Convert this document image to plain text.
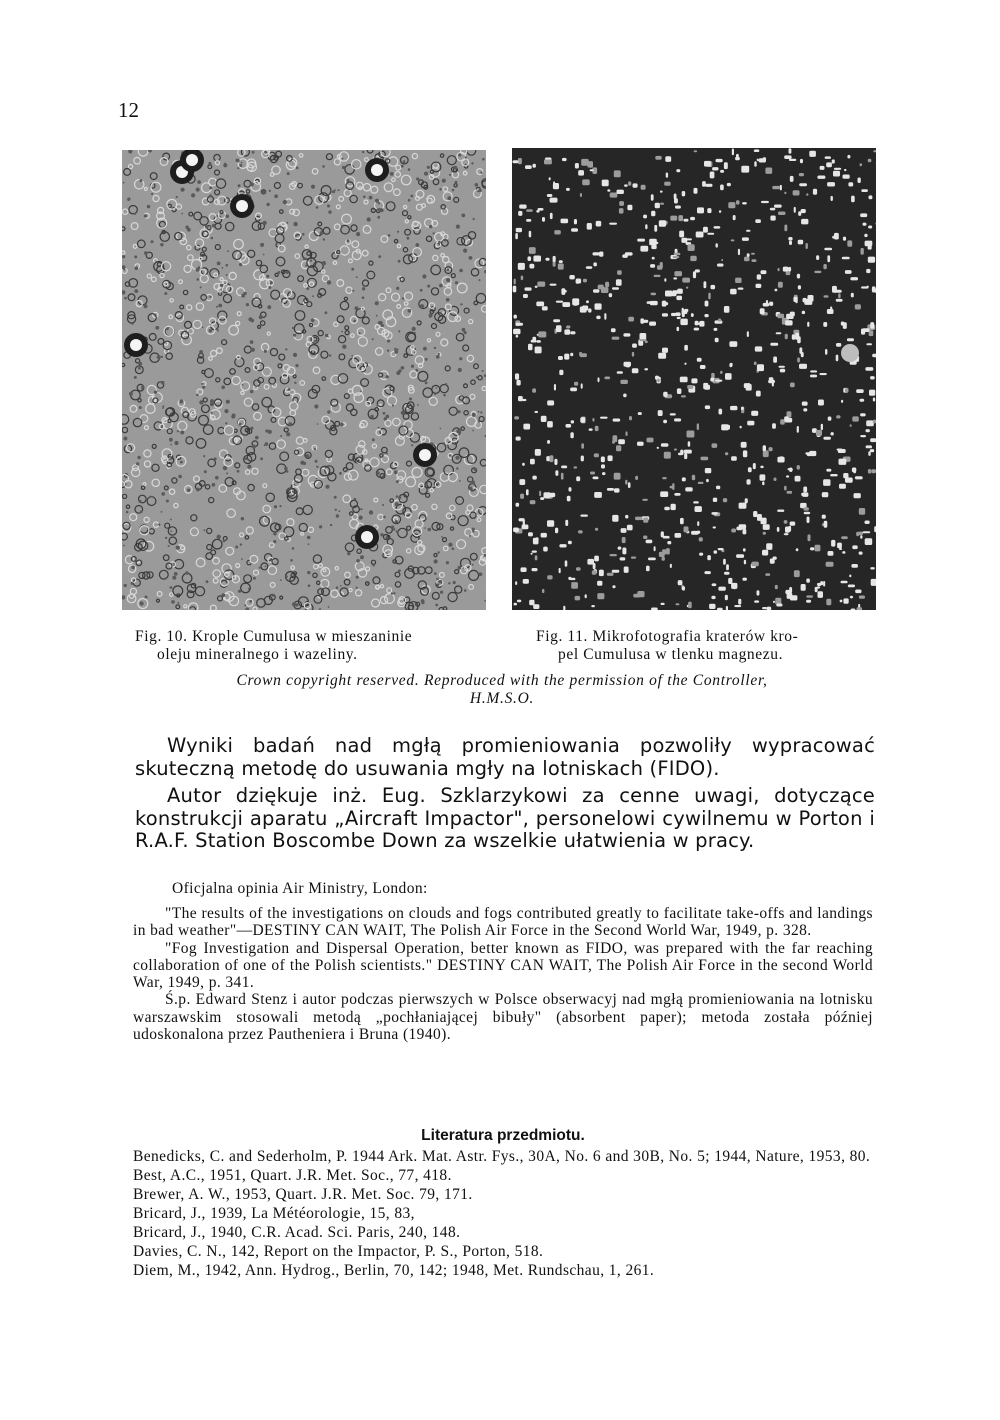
12
Fig. 10. Krople Cumulusa w mieszaninie
oleju mineralnego i wazeliny.
Fig. 11. Mikrofotografia kraterów kro-
pel Cumulusa w tlenku magnezu.
Crown copyright reserved. Reproduced with the permission of the Controller,
H.M.S.O.
Wyniki badań nad mgłą promieniowania pozwoliły wypracować skuteczną metodę do usuwania mgły na lotniskach (FIDO).
Autor dziękuje inż. Eug. Szklarzykowi za cenne uwagi, dotyczące konstrukcji aparatu „Aircraft Impactor", personelowi cywilnemu w Porton i R.A.F. Station Boscombe Down za wszelkie ułatwienia w pracy.
Oficjalna opinia Air Ministry, London:

"The results of the investigations on clouds and fogs contributed greatly to facilitate take-offs and landings in bad weather"—DESTINY CAN WAIT, The Polish Air Force in the Second World War, 1949, p. 328.

"Fog Investigation and Dispersal Operation, better known as FIDO, was prepared with the far reaching collaboration of one of the Polish scientists." DESTINY CAN WAIT, The Polish Air Force in the second World War, 1949, p. 341.

Ś.p. Edward Stenz i autor podczas pierwszych w Polsce obserwacyj nad mgłą promieniowania na lotnisku warszawskim stosowali metodą „pochłaniającej bibuły" (absorbent paper); metoda została później udoskonalona przez Pautheniera i Bruna (1940).

Literatura przedmiotu.
Benedicks, C. and Sederholm, P. 1944 Ark. Mat. Astr. Fys., 30A, No. 6 and 30B, No. 5; 1944, Nature, 1953, 80.
Best, A.C., 1951, Quart. J.R. Met. Soc., 77, 418.
Brewer, A. W., 1953, Quart. J.R. Met. Soc. 79, 171.
Bricard, J., 1939, La Météorologie, 15, 83,
Bricard, J., 1940, C.R. Acad. Sci. Paris, 240, 148.
Davies, C. N., 142, Report on the Impactor, P. S., Porton, 518.
Diem, M., 1942, Ann. Hydrog., Berlin, 70, 142; 1948, Met. Rundschau, 1, 261.
